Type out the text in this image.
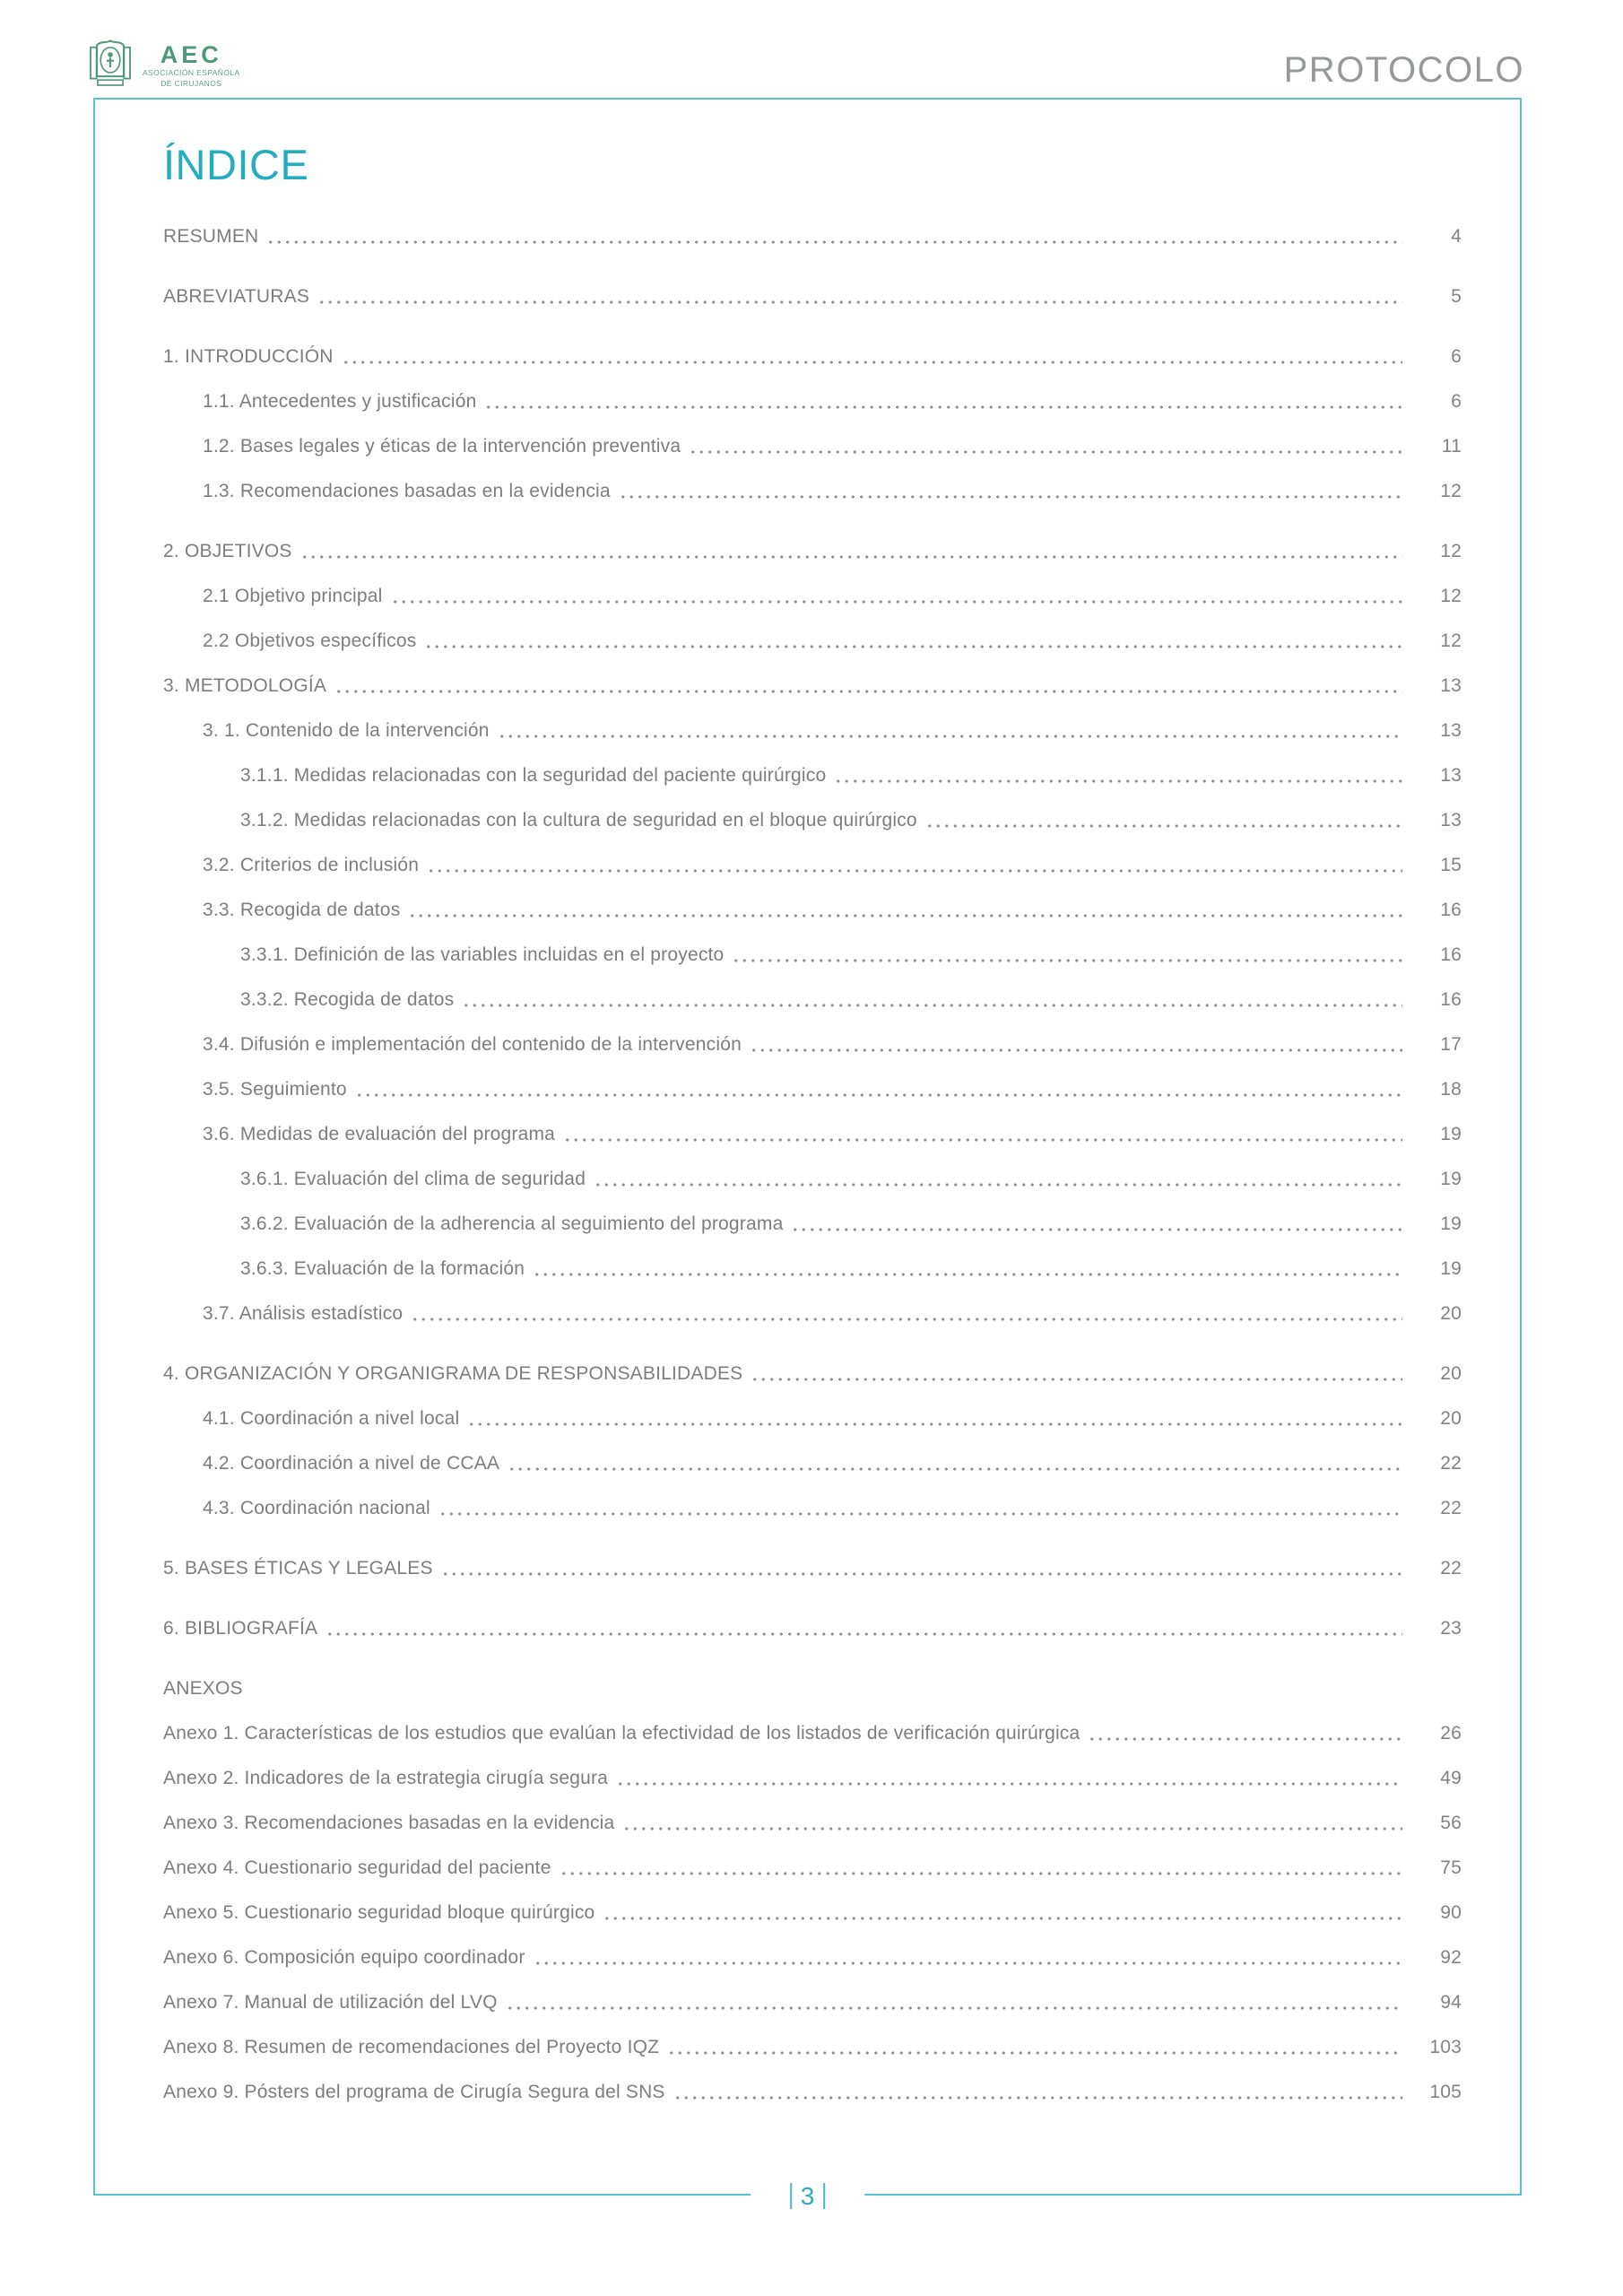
AEC
ASOCIACIÓN ESPAÑOLA
DE CIRUJANOS	PROTOCOLO
ÍNDICE
RESUMEN	4
ABREVIATURAS	5
1. INTRODUCCIÓN	6
1.1. Antecedentes y justificación	6
1.2. Bases legales y éticas de la intervención preventiva	11
1.3. Recomendaciones basadas en la evidencia	12
2. OBJETIVOS	12
2.1 Objetivo principal	12
2.2 Objetivos específicos	12
3. METODOLOGÍA	13
3. 1. Contenido de la intervención	13
3.1.1. Medidas relacionadas con la seguridad del paciente quirúrgico	13
3.1.2. Medidas relacionadas con la cultura de seguridad en el bloque quirúrgico	13
3.2. Criterios de inclusión	15
3.3. Recogida de datos	16
3.3.1. Definición de las variables incluidas en el proyecto	16
3.3.2. Recogida de datos	16
3.4. Difusión e implementación del contenido de la intervención	17
3.5. Seguimiento	18
3.6. Medidas de evaluación del programa	19
3.6.1. Evaluación del clima de seguridad	19
3.6.2. Evaluación de la adherencia al seguimiento del programa	19
3.6.3. Evaluación de la formación	19
3.7. Análisis estadístico	20
4. ORGANIZACIÓN Y ORGANIGRAMA DE RESPONSABILIDADES	20
4.1. Coordinación a nivel local	20
4.2. Coordinación a nivel de CCAA	22
4.3. Coordinación nacional	22
5. BASES ÉTICAS Y LEGALES	22
6. BIBLIOGRAFÍA	23
ANEXOS
Anexo 1. Características de los estudios que evalúan la efectividad de los listados de verificación quirúrgica	26
Anexo 2. Indicadores de la estrategia cirugía segura	49
Anexo 3. Recomendaciones basadas en la evidencia	56
Anexo 4. Cuestionario seguridad del paciente	75
Anexo 5. Cuestionario seguridad bloque quirúrgico	90
Anexo 6. Composición equipo coordinador	92
Anexo 7. Manual de utilización del LVQ	94
Anexo 8. Resumen de recomendaciones del Proyecto IQZ	103
Anexo 9. Pósters del programa de Cirugía Segura del SNS	105
3
